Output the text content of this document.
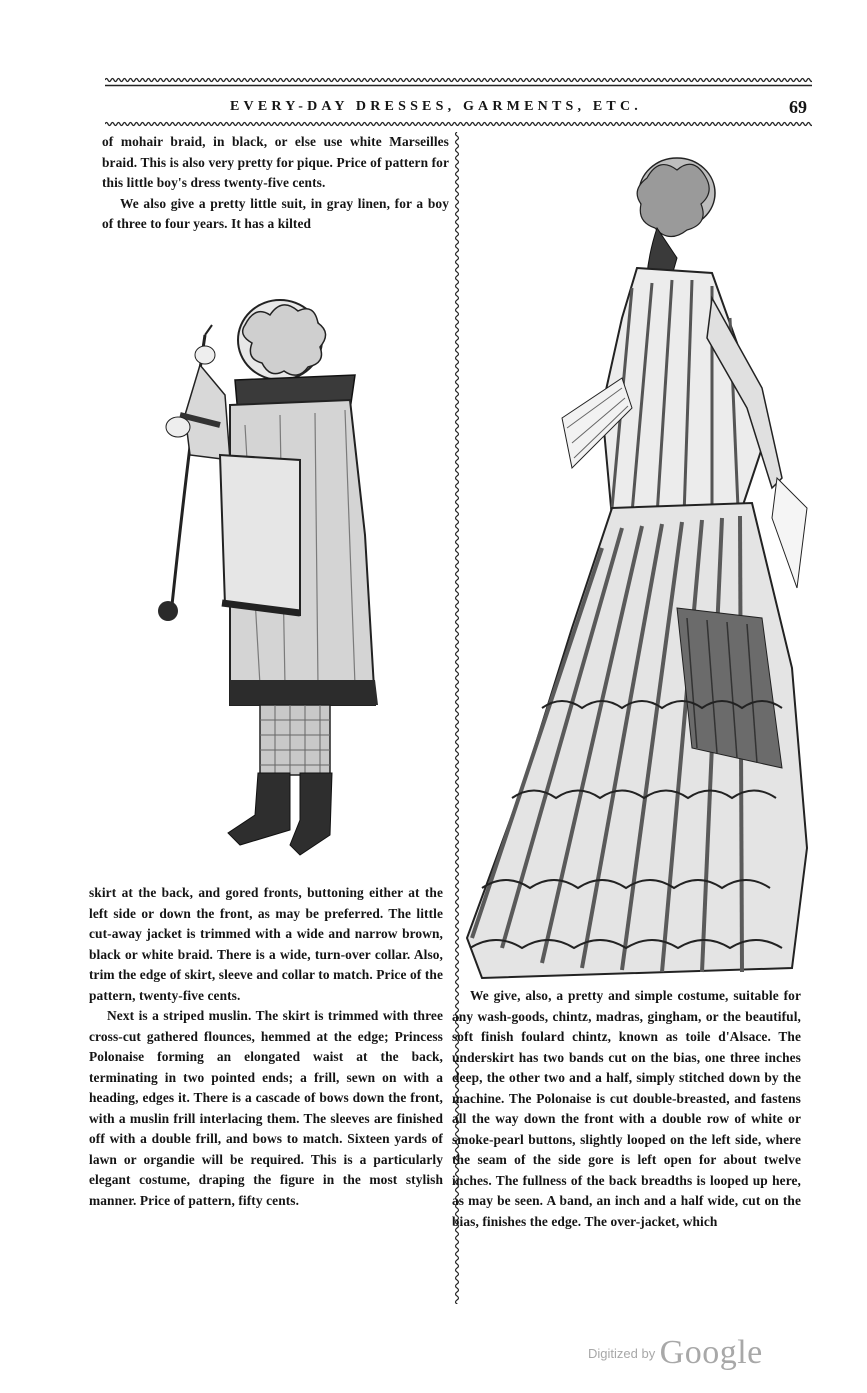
EVERY-DAY DRESSES, GARMENTS, ETC.	69

of mohair braid, in black, or else use white Marseilles braid. This is also very pretty for pique. Price of pattern for this little boy's dress twenty-five cents.

We also give a pretty little suit, in gray linen, for a boy of three to four years. It has a kilted

skirt at the back, and gored fronts, buttoning either at the left side or down the front, as may be preferred. The little cut-away jacket is trimmed with a wide and narrow brown, black or white braid. There is a wide, turn-over collar. Also, trim the edge of skirt, sleeve and collar to match. Price of the pattern, twenty-five cents.

Next is a striped muslin. The skirt is trimmed with three cross-cut gathered flounces, hemmed at the edge; Princess Polonaise forming an elongated waist at the back, terminating in two pointed ends; a frill, sewn on with a heading, edges it. There is a cascade of bows down the front, with a muslin frill interlacing them. The sleeves are finished off with a double frill, and bows to match. Sixteen yards of lawn or organdie will be required. This is a particularly elegant costume, draping the figure in the most stylish manner. Price of pattern, fifty cents.

We give, also, a pretty and simple costume, suitable for any wash-goods, chintz, madras, gingham, or the beautiful, soft finish foulard chintz, known as toile d'Alsace. The underskirt has two bands cut on the bias, one three inches deep, the other two and a half, simply stitched down by the machine. The Polonaise is cut double-breasted, and fastens all the way down the front with a double row of white or smoke-pearl buttons, slightly looped on the left side, where the seam of the side gore is left open for about twelve inches. The fullness of the back breadths is looped up here, as may be seen. A band, an inch and a half wide, cut on the bias, finishes the edge. The over-jacket, which

$^{Digitized by}$ Google
